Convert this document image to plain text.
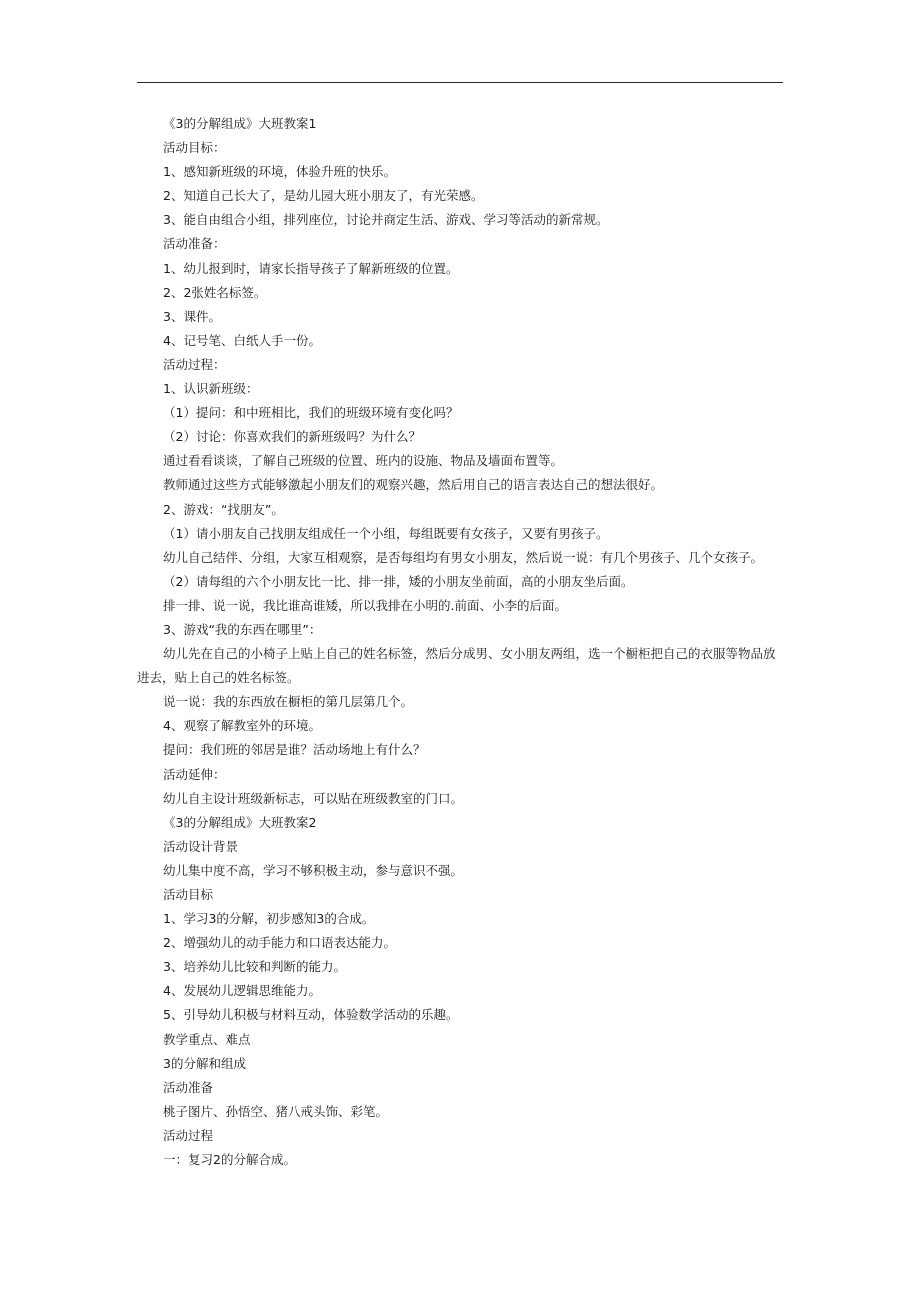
《3的分解组成》大班教案1

活动目标：

1、感知新班级的环境，体验升班的快乐。

2、知道自己长大了，是幼儿园大班小朋友了，有光荣感。

3、能自由组合小组，排列座位，讨论并商定生活、游戏、学习等活动的新常规。

活动准备：

1、幼儿报到时，请家长指导孩子了解新班级的位置。

2、2张姓名标签。

3、课件。

4、记号笔、白纸人手一份。

活动过程：

1、认识新班级：

（1）提问：和中班相比，我们的班级环境有变化吗？

（2）讨论：你喜欢我们的新班级吗？为什么？

通过看看谈谈，了解自己班级的位置、班内的设施、物品及墙面布置等。

教师通过这些方式能够激起小朋友们的观察兴趣，然后用自己的语言表达自己的想法很好。

2、游戏：“找朋友”。

（1）请小朋友自己找朋友组成任一个小组，每组既要有女孩子，又要有男孩子。

幼儿自己结伴、分组，大家互相观察，是否每组均有男女小朋友，然后说一说：有几个男孩子、几个女孩子。

（2）请每组的六个小朋友比一比、排一排，矮的小朋友坐前面，高的小朋友坐后面。

排一排、说一说，我比谁高谁矮，所以我排在小明的.前面、小李的后面。

3、游戏“我的东西在哪里”：

幼儿先在自己的小椅子上贴上自己的姓名标签，然后分成男、女小朋友两组，选一个橱柜把自己的衣服等物品放进去，贴上自己的姓名标签。

说一说：我的东西放在橱柜的第几层第几个。

4、观察了解教室外的环境。

提问：我们班的邻居是谁？活动场地上有什么？

活动延伸：

幼儿自主设计班级新标志，可以贴在班级教室的门口。

《3的分解组成》大班教案2

活动设计背景

幼儿集中度不高，学习不够积极主动，参与意识不强。

活动目标

1、学习3的分解，初步感知3的合成。

2、增强幼儿的动手能力和口语表达能力。

3、培养幼儿比较和判断的能力。

4、发展幼儿逻辑思维能力。

5、引导幼儿积极与材料互动，体验数学活动的乐趣。

教学重点、难点

3的分解和组成

活动准备

桃子图片、孙悟空、猪八戒头饰、彩笔。

活动过程

一：复习2的分解合成。
